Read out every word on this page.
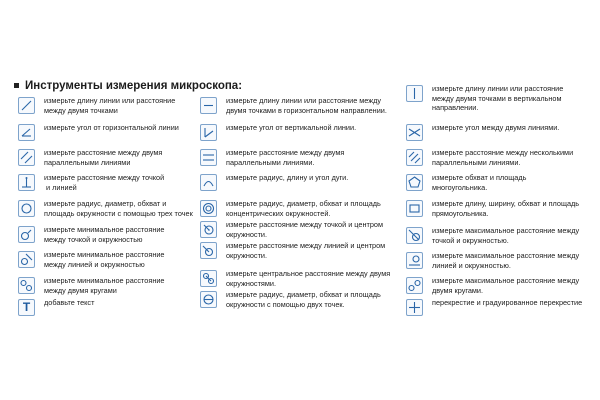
Инструменты измерения микроскопа:
измерьте длину линии или расстояние
между двумя точками
измерьте угол от горизонтальной линии
измерьте расстояние между двумя
параллельными линиями
измерьте расстояние между точкой
и линией
измерьте радиус, диаметр, обхват и
площадь окружности с помощью трех точек
измерьте минимальное расстояние
между точкой и окружностью
измерьте минимальное расстояние
между линией и окружностью
измерьте минимальное расстояние
между двумя кругами
T	добавьте текст
измерьте длину линии или расстояние между
двумя точками в горизонтальном направлении.
измерьте угол от вертикальной линии.
измерьте расстояние между двумя
параллельными линиями.
измерьте радиус, длину и угол дуги.
измерьте радиус, диаметр, обхват и площадь
концентрических окружностей.
измерьте расстояние между точкой и центром
окружности.
измерьте расстояние между линией и центром
окружности.
измерьте центральное расстояние между двумя
окружностями.
измерьте радиус, диаметр, обхват и площадь
окружности с помощью двух точек.
измерьте длину линии или расстояние
между двумя точками в вертикальном
направлении.
измерьте угол между двумя линиями.
измерьте расстояние между несколькими
параллельными линиями.
измерьте обхват и площадь
многоугольника.
измерьте длину, ширину, обхват и площадь
прямоугольника.
измерьте максимальное расстояние между
точкой и окружностью.
измерьте максимальное расстояние между
линией и окружностью.
измерьте максимальное расстояние между
двумя кругами.
перекрестие и градуированное перекрестие
